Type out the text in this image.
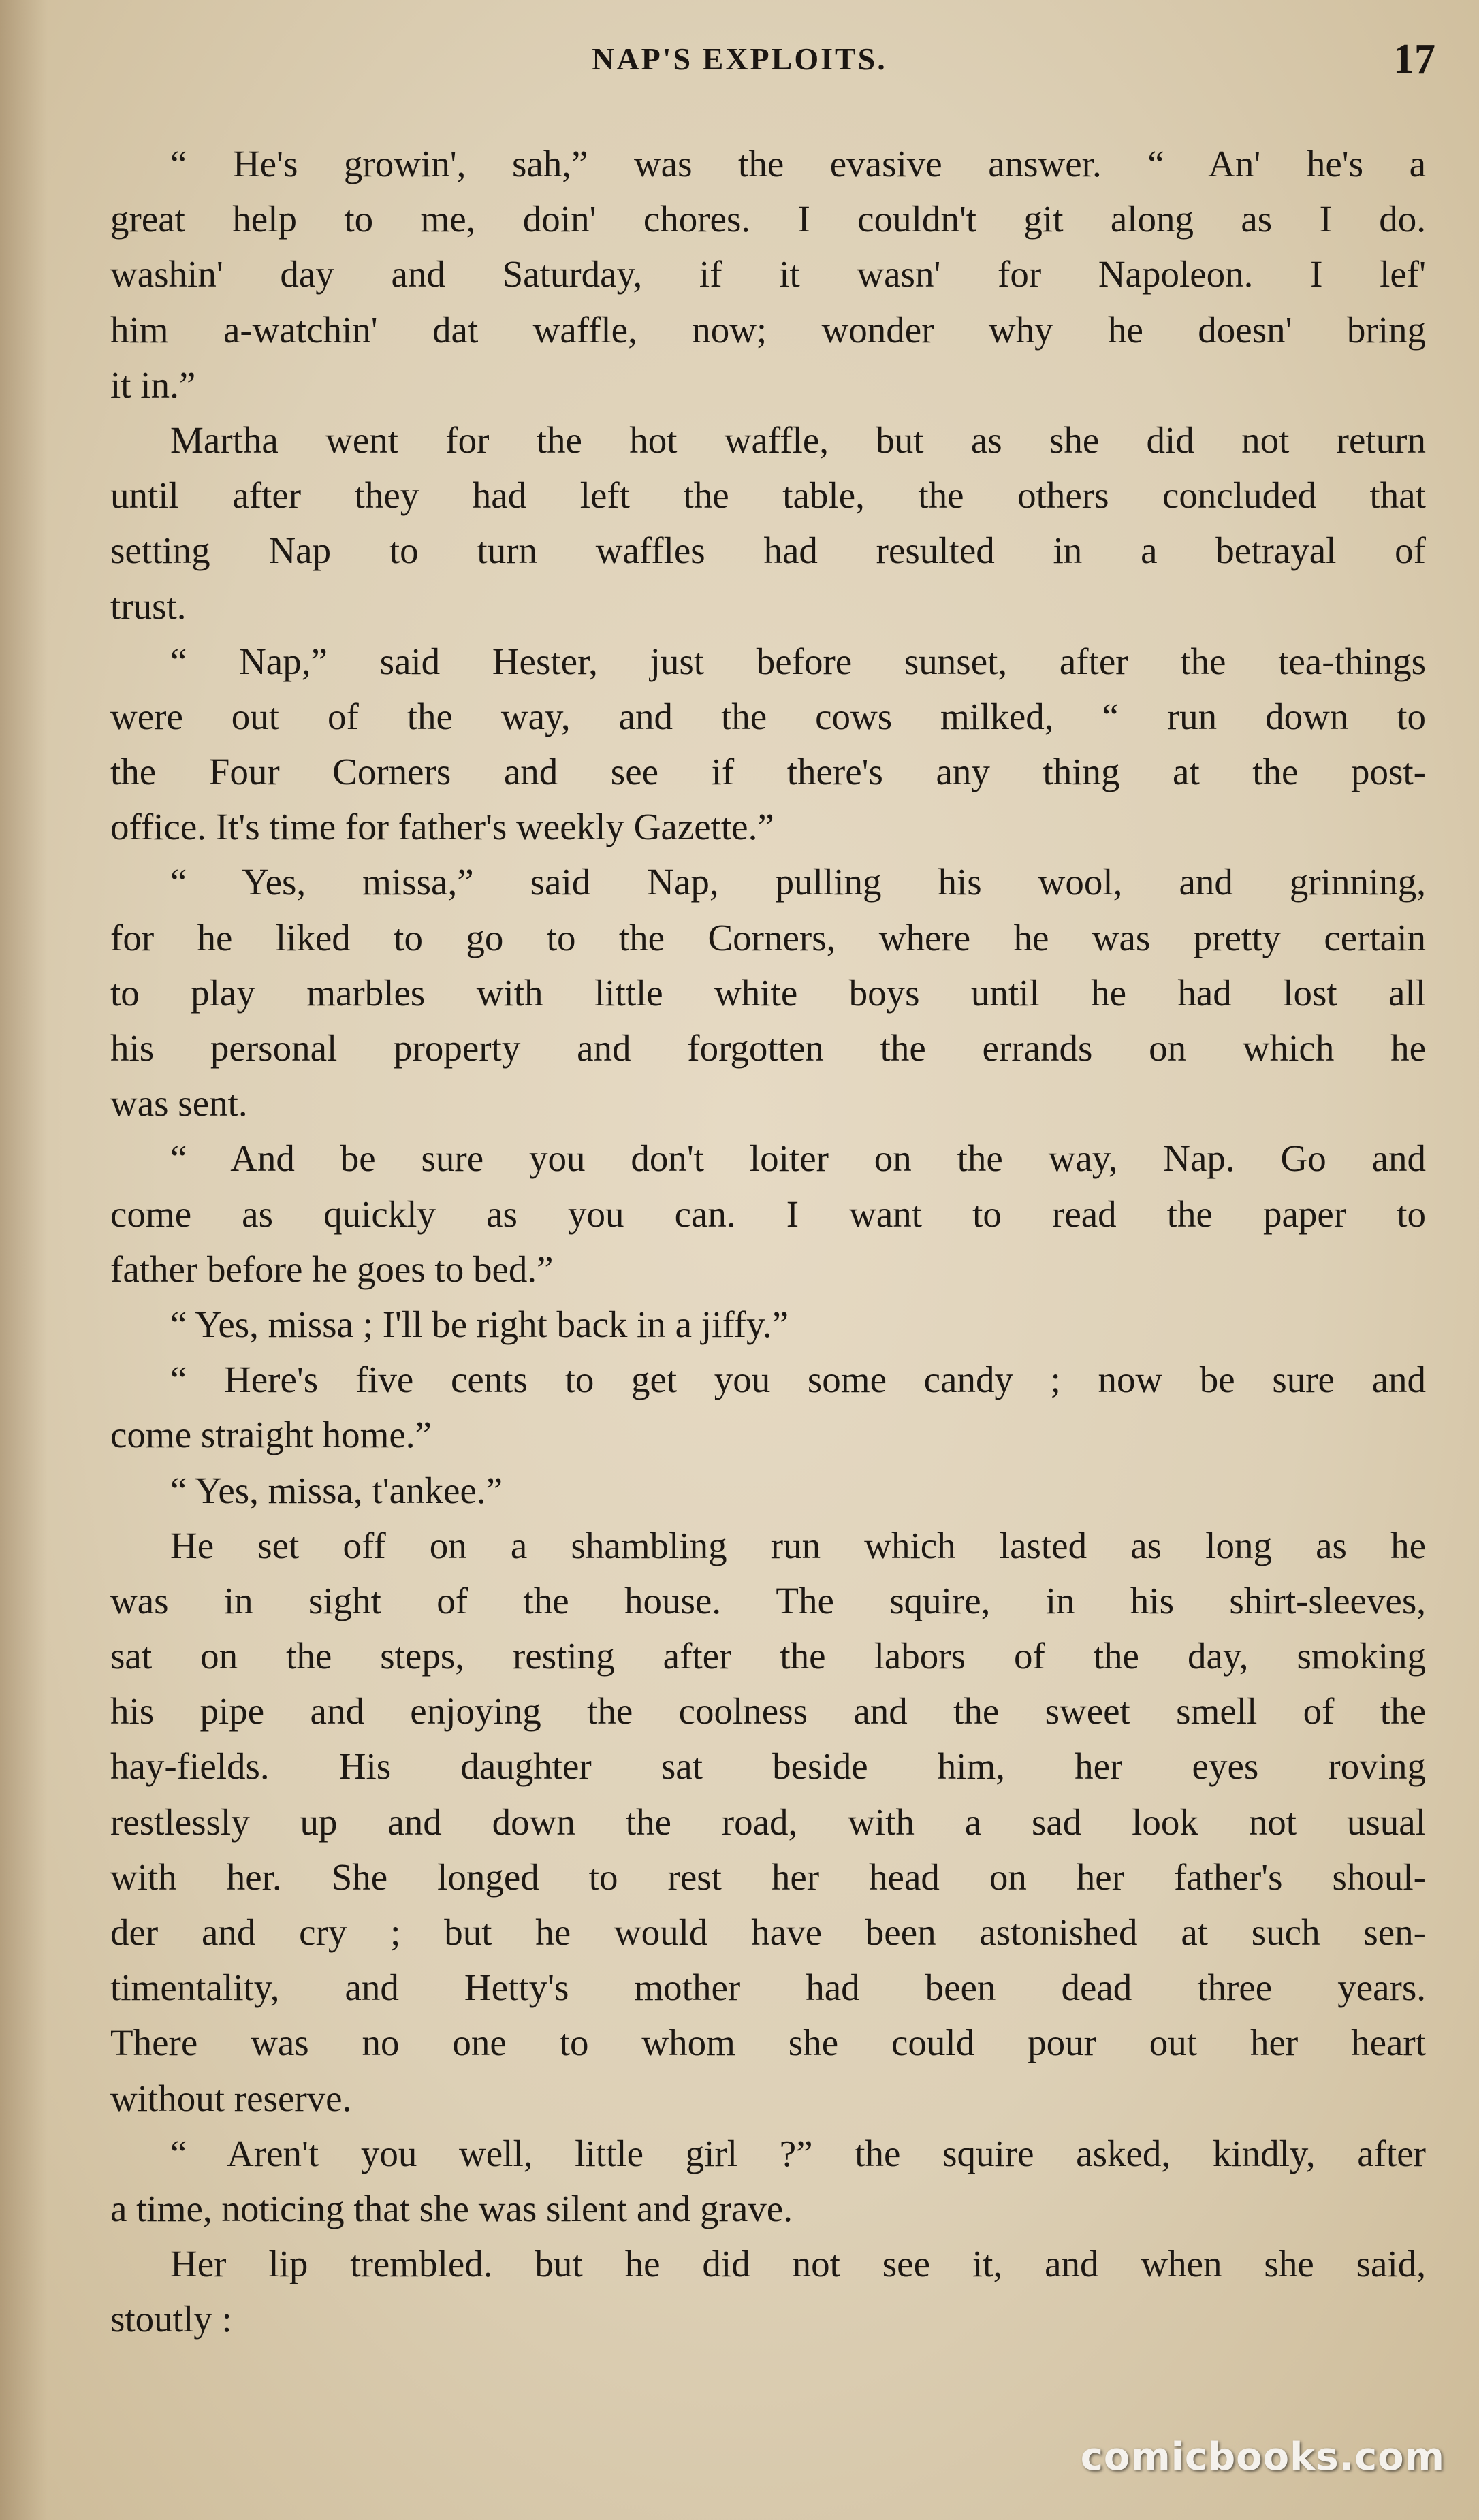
NAP'S EXPLOITS.	17
“ He's growin', sah,” was the evasive answer. “ An' he's a
great help to me, doin' chores. I couldn't git along as I do.
washin' day and Saturday, if it wasn' for Napoleon. I lef'
him a-watchin' dat waffle, now; wonder why he doesn' bring
it in.”
Martha went for the hot waffle, but as she did not return
until after they had left the table, the others concluded that
setting Nap to turn waffles had resulted in a betrayal of
trust.
“ Nap,” said Hester, just before sunset, after the tea-things
were out of the way, and the cows milked, “ run down to
the Four Corners and see if there's any thing at the post-
office. It's time for father's weekly Gazette.”
“ Yes, missa,” said Nap, pulling his wool, and grinning,
for he liked to go to the Corners, where he was pretty certain
to play marbles with little white boys until he had lost all
his personal property and forgotten the errands on which he
was sent.
“ And be sure you don't loiter on the way, Nap. Go and
come as quickly as you can. I want to read the paper to
father before he goes to bed.”
“ Yes, missa ; I'll be right back in a jiffy.”
“ Here's five cents to get you some candy ; now be sure and
come straight home.”
“ Yes, missa, t'ankee.”
He set off on a shambling run which lasted as long as he
was in sight of the house. The squire, in his shirt-sleeves,
sat on the steps, resting after the labors of the day, smoking
his pipe and enjoying the coolness and the sweet smell of the
hay-fields. His daughter sat beside him, her eyes roving
restlessly up and down the road, with a sad look not usual
with her. She longed to rest her head on her father's shoul-
der and cry ; but he would have been astonished at such sen-
timentality, and Hetty's mother had been dead three years.
There was no one to whom she could pour out her heart
without reserve.
“ Aren't you well, little girl ?” the squire asked, kindly, after
a time, noticing that she was silent and grave.
Her lip trembled. but he did not see it, and when she said,
stoutly :
comicbooks.com
